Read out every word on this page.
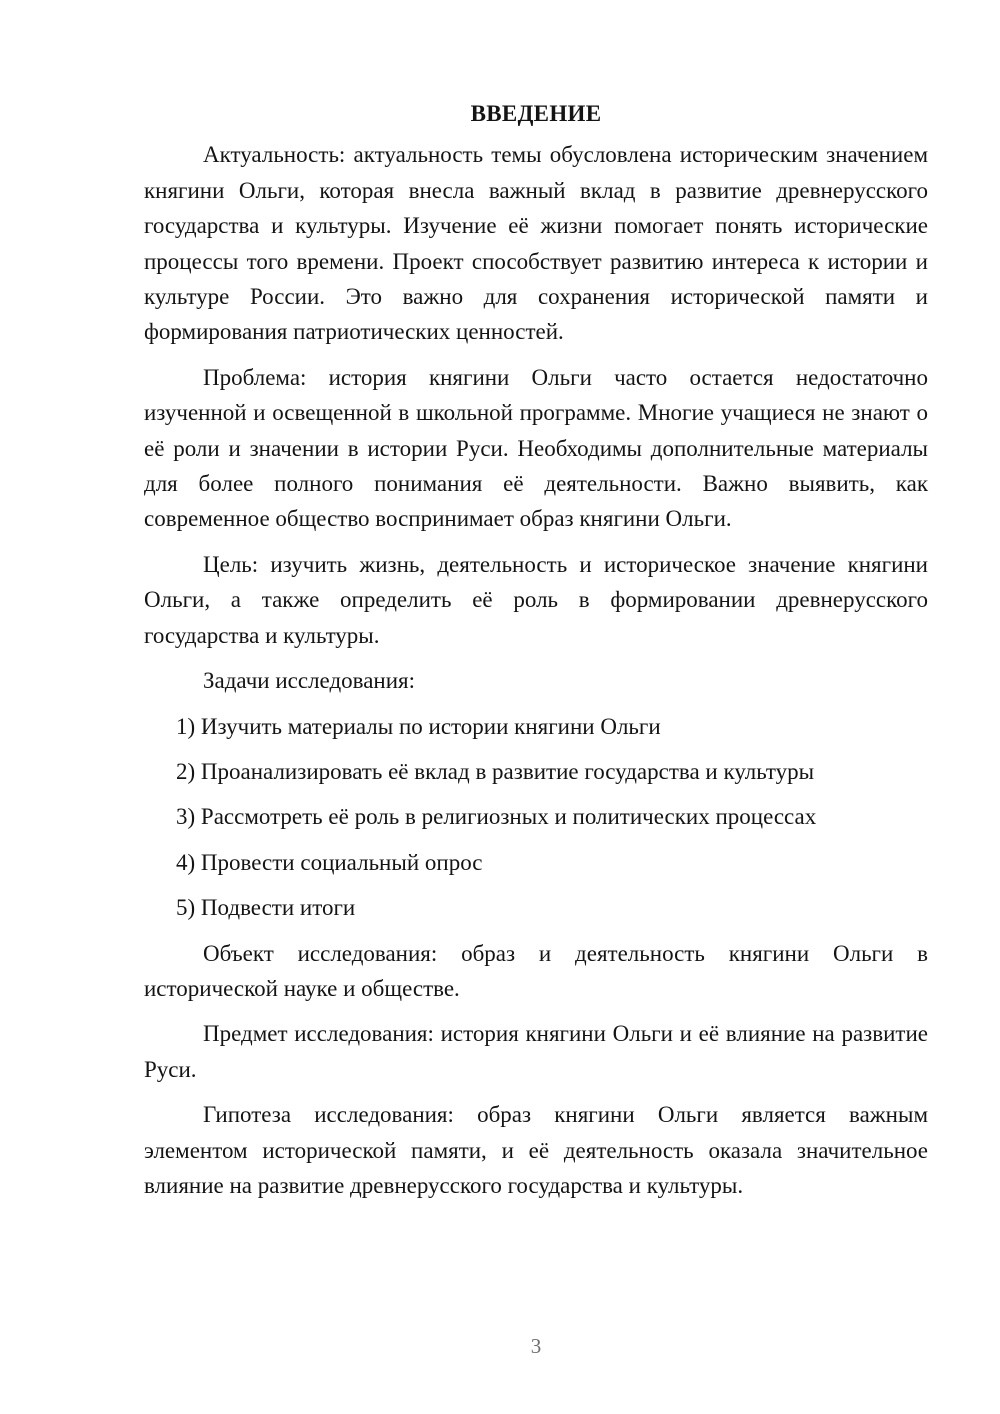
ВВЕДЕНИЕ

Актуальность: актуальность темы обусловлена историческим значением княгини Ольги, которая внесла важный вклад в развитие древнерусского государства и культуры. Изучение её жизни помогает понять исторические процессы того времени. Проект способствует развитию интереса к истории и культуре России. Это важно для сохранения исторической памяти и формирования патриотических ценностей.

Проблема: история княгини Ольги часто остается недостаточно изученной и освещенной в школьной программе. Многие учащиеся не знают о её роли и значении в истории Руси. Необходимы дополнительные материалы для более полного понимания её деятельности. Важно выявить, как современное общество воспринимает образ княгини Ольги.

Цель: изучить жизнь, деятельность и историческое значение княгини Ольги, а также определить её роль в формировании древнерусского государства и культуры.

Задачи исследования:

1) Изучить материалы по истории княгини Ольги
2) Проанализировать её вклад в развитие государства и культуры
3) Рассмотреть её роль в религиозных и политических процессах
4) Провести социальный опрос
5) Подвести итоги

Объект исследования: образ и деятельность княгини Ольги в исторической науке и обществе.

Предмет исследования: история княгини Ольги и её влияние на развитие Руси.

Гипотеза исследования: образ княгини Ольги является важным элементом исторической памяти, и её деятельность оказала значительное влияние на развитие древнерусского государства и культуры.

3
